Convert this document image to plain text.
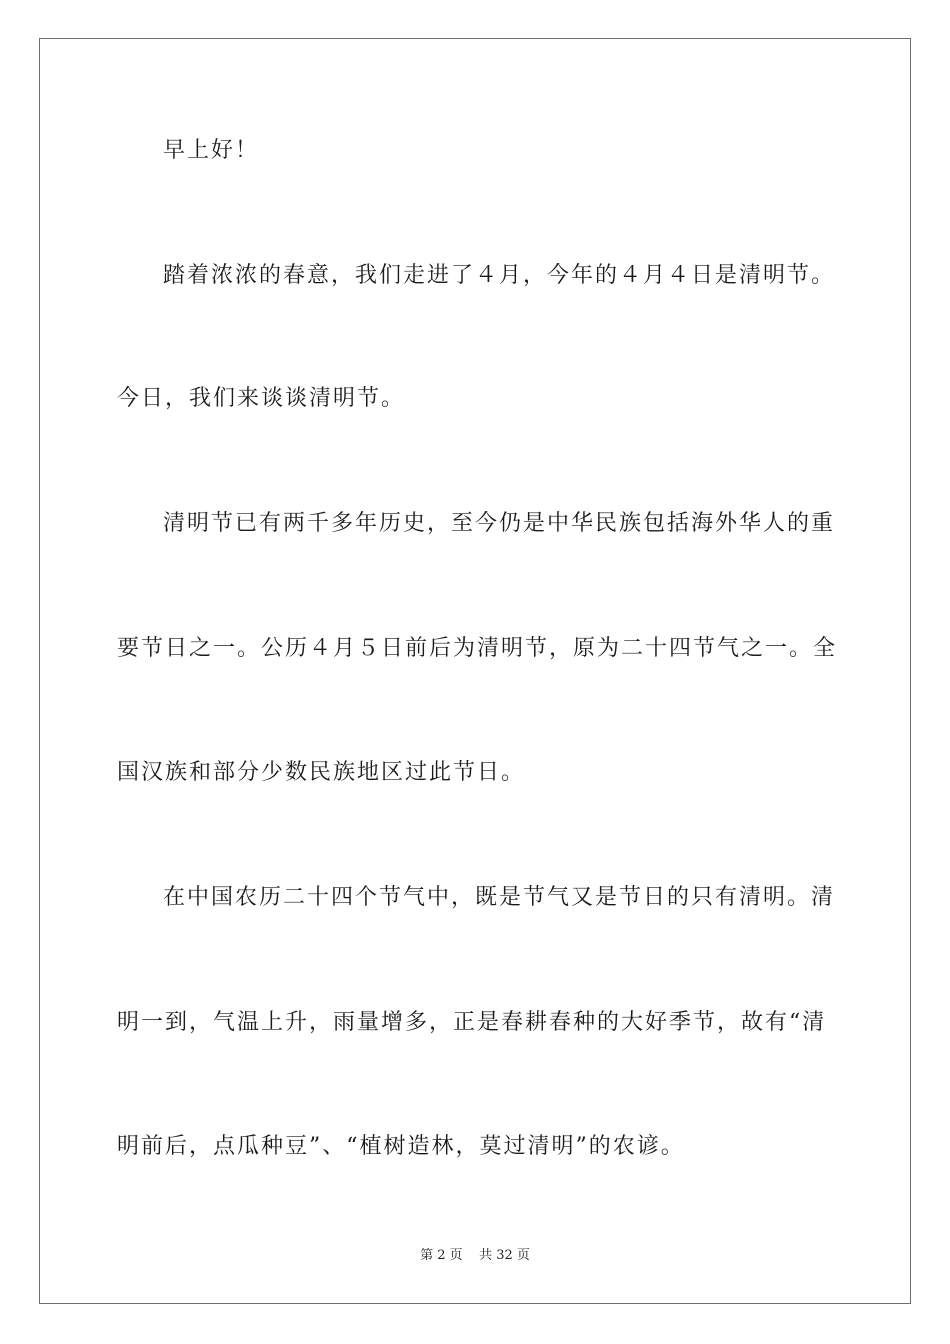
早上好！
踏着浓浓的春意，我们走进了４月，今年的４月４日是清明节。
今日，我们来谈谈清明节。
清明节已有两千多年历史，至今仍是中华民族包括海外华人的重
要节日之一。公历４月５日前后为清明节，原为二十四节气之一。全
国汉族和部分少数民族地区过此节日。
在中国农历二十四个节气中，既是节气又是节日的只有清明。清
明一到，气温上升，雨量增多，正是春耕春种的大好季节，故有“清
明前后，点瓜种豆”、“植树造林，莫过清明”的农谚。
第 2 页    共 32 页
